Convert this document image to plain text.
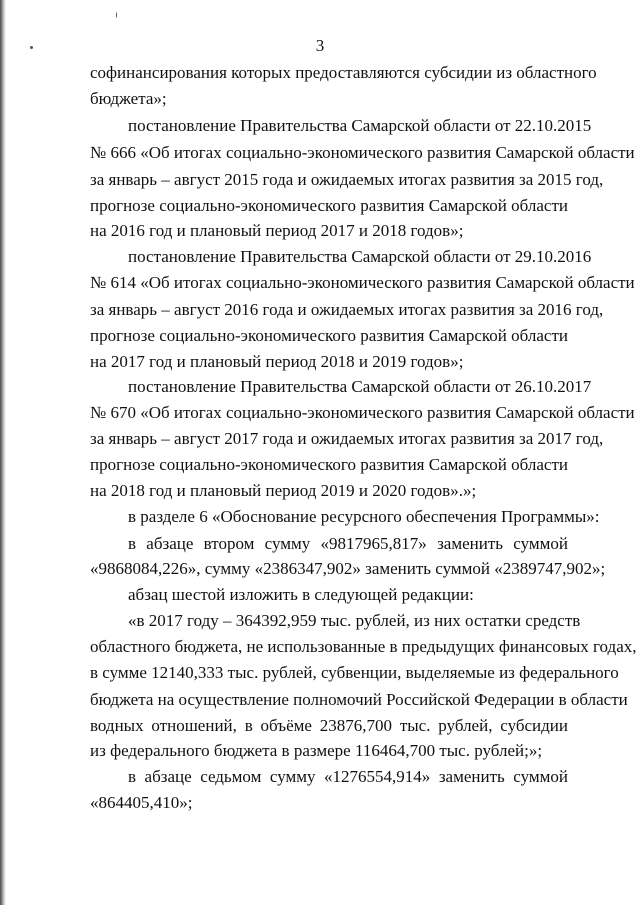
3
софинансирования которых предоставляются субсидии из областного
бюджета»;
постановление Правительства Самарской области от 22.10.2015
№ 666 «Об итогах социально-экономического развития Самарской области
за январь – август 2015 года и ожидаемых итогах развития за 2015 год,
прогнозе социально-экономического развития Самарской области
на 2016 год и плановый период 2017 и 2018 годов»;
постановление Правительства Самарской области от 29.10.2016
№ 614 «Об итогах социально-экономического развития Самарской области
за январь – август 2016 года и ожидаемых итогах развития за 2016 год,
прогнозе социально-экономического развития Самарской области
на 2017 год и плановый период 2018 и 2019 годов»;
постановление Правительства Самарской области от 26.10.2017
№ 670 «Об итогах социально-экономического развития Самарской области
за январь – август 2017 года и ожидаемых итогах развития за 2017 год,
прогнозе социально-экономического развития Самарской области
на 2018 год и плановый период 2019 и 2020 годов».»;
в разделе 6 «Обоснование ресурсного обеспечения Программы»:
в абзаце втором сумму «9817965,817» заменить суммой
«9868084,226», сумму «2386347,902» заменить суммой «2389747,902»;
абзац шестой изложить в следующей редакции:
«в 2017 году – 364392,959 тыс. рублей, из них остатки средств
областного бюджета, не использованные в предыдущих финансовых годах,
в сумме 12140,333 тыс. рублей, субвенции, выделяемые из федерального
бюджета на осуществление полномочий Российской Федерации в области
водных отношений, в объёме 23876,700 тыс. рублей, субсидии
из федерального бюджета в размере 116464,700 тыс. рублей;»;
в абзаце седьмом сумму «1276554,914» заменить суммой
«864405,410»;
